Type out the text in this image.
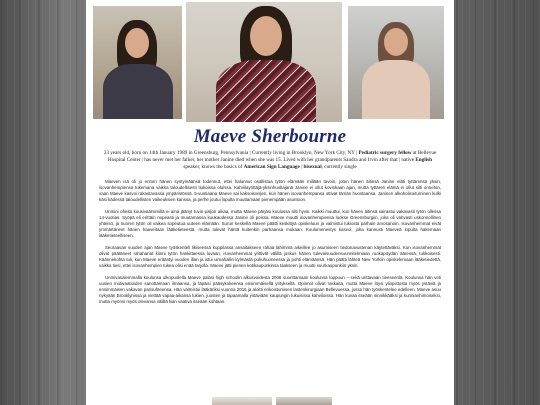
Maeve Sherbourne
33 years old, born on 14th January 1989 in Greensburg, Pennsylvania | Currently living in Brooklyn, New York City, NY | Pediatric surgery fellow at Bellevue Hospital Center | has never met her father, her mother Janine died when she was 15. Lived with her grandparents Sandra and Irvin after that | native English speaker, knows the basics of American Sign Language | bisexual, currently single

Maeven isä oli jo ennen hänen syntymäänsä todennut, ettei halunnut osallistua tytön elämään millään tavoin, joten hänen äitinsä Janine eläti tyttärensä yksin, isovanhempiensa tukemana vaikka taloudellisesti tiukoissa oloissa. Kahvilayrittäjä-yksinhuoltajanä Janine ei ollut kovinkaan ajan, mutta tyttären elämä ei ollut silti onneton, vaan Maeve kasvoi rakastavassa ympäristössä. 5-vuotiaana Maeve sai kaksoisveljen, kun hänen isovanhempansa ottivat tämän huostaansa. Janinen alkoholisoituminen kulki käsi kädessä taloudellisten vaikeuksien kanssa, ja perhe joutui lopulta muuttamaan pienempään asuntoon.

Unmini oheita kuusivaärsimillä ei aina jäänyt tuvin paljon aikaa, mutta Maeve pärjäsi koulussa silti hyvin. Kaikki muuttui, kun hänen äitinsä sairastui vakavasti tytön ollessa 14-vuotias. Syöpä eli erittäin nopeasti ja muutamassa kuukaudessa Janine oli poissa. Maeve muutti isovanhempiensa luokse Greensburgiin, joka oli vahvasti uskonnollinen yhteisö, ja nuoren tytön oli vaikea sopeutua uuteen elämään. Surun keskellä Maeve päätti keskittyä opiskeluun ja valmistui lukiosta parhain arvosanoin. Isovanhemmat eivät ymmärtäneet hänen haaveitaan lääketieteestä, mutta tukivat häntä kuitenkin parhaansa mukaan. Koulumenestys kasvoi, joka kannusti Maeveä lopulta hakemaan lääketieteelliseen.

Seuraavan vuoden ajan Maeve työskenteli likiseessä kuppilassa ansaitakseen rahaa lähimmä aikeillee jo asumiseen tiedonavustenan käytettäväksi. Kun isovanhemmat olivat päätäneet rahahanat kiinni tytön hankittaessa luvaan, isovanhemmat yrittivät välillä joskus hänen tulevaisuudensuunnitelmiaan ruokapöydän ääressä, tukkoisesti. Käännekohta tuli, kun Maeve erääntyi vuoden illan ja istui uimahallin kylmästä pukuhuoneessa ja pohti elämäänsä. Hän päätti lähteä New Yorkiin opiskelemaan lääketiedettä, vaikka tiesi, ettei isovanhempien tukea olisi enää tarjolla. Maeve jätti pienen kotikaupunkinsa taakseen ja muutti suurkaupunkiin yksin.

Unmivasalemmalla koulunsa ulkopuolella Maeve palasi high schoolin alkusvoidesta 2008 suorittamaan koulunsa loppuun – sekä urittavaan tieeseenlä. Koulunsa hän veti uusien motivaatioiden sanottamaan ilmaansa, ja läpäisi pääsykokeensa ensimmäisellä yrityksellä. Opinnot olivat raskaita, mutta Maeve löysi yliopistosta myös ystäviä ja ensimmäisen vakavan parisuhteensa. Hän valmistui lääkäriksi vuonna 2016 ja aloitti erikoistumisen lastenkirurgiaan Bellevuessa, jossa hän työskentelee edelleen. Maeve asuu nykyään Brooklynissa ja viettää vapaa-aikansa lukien, juosten ja tapaamalla ystäviään kaupungin lukuisissa kahviloissa. Hän kuvaa itseään sinnikkääksi ja kunnianhimoiseksi, mutta myönsi myös olevansa välillä liian vaativa itseään kohtaan.
